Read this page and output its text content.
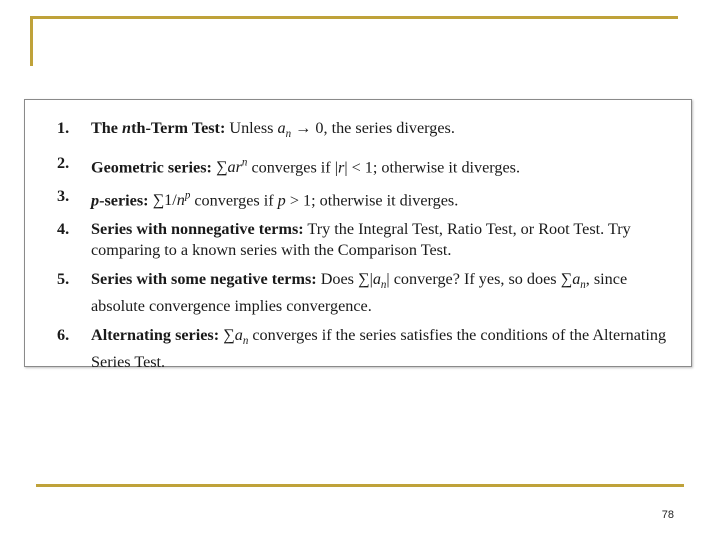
1.	The nth-Term Test: Unless $a_n \to 0$, the series diverges.
2.	Geometric series: $\sum ar^n$ converges if |r| < 1; otherwise it diverges.
3.	p-series: $\sum 1/n^p$ converges if p > 1; otherwise it diverges.
4.	Series with nonnegative terms: Try the Integral Test, Ratio Test, or Root Test. Try comparing to a known series with the Comparison Test.
5.	Series with some negative terms: Does $\sum|a_n|$ converge? If yes, so does $\sum a_n$, since absolute convergence implies convergence.
6.	Alternating series: $\sum a_n$ converges if the series satisfies the conditions of the Alternating Series Test.
78
